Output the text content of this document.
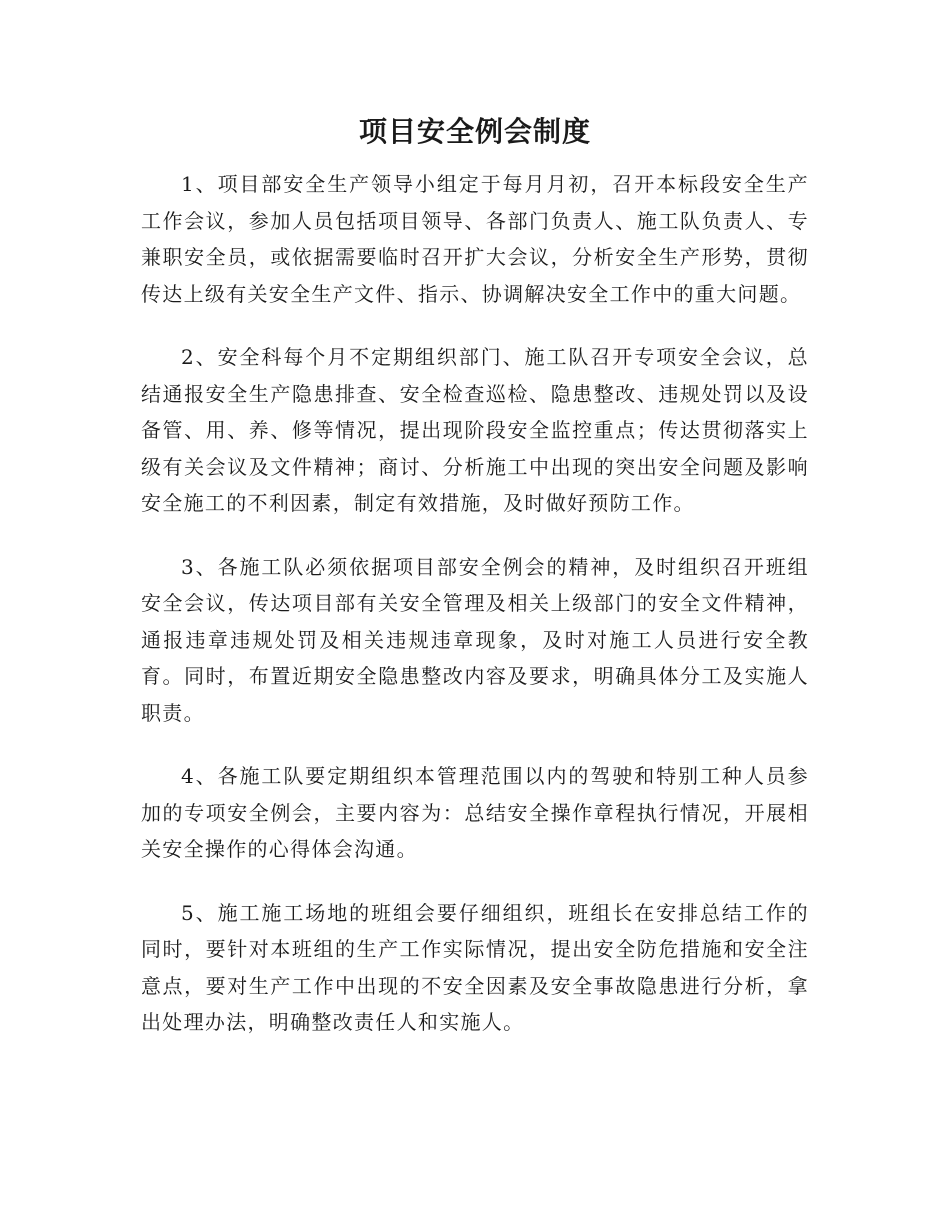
项目安全例会制度

1、项目部安全生产领导小组定于每月月初，召开本标段安全生产工作会议，参加人员包括项目领导、各部门负责人、施工队负责人、专兼职安全员，或依据需要临时召开扩大会议，分析安全生产形势，贯彻传达上级有关安全生产文件、指示、协调解决安全工作中的重大问题。

2、安全科每个月不定期组织部门、施工队召开专项安全会议，总结通报安全生产隐患排查、安全检查巡检、隐患整改、违规处罚以及设备管、用、养、修等情况，提出现阶段安全监控重点；传达贯彻落实上级有关会议及文件精神；商讨、分析施工中出现的突出安全问题及影响安全施工的不利因素，制定有效措施，及时做好预防工作。

3、各施工队必须依据项目部安全例会的精神，及时组织召开班组安全会议，传达项目部有关安全管理及相关上级部门的安全文件精神，通报违章违规处罚及相关违规违章现象，及时对施工人员进行安全教育。同时，布置近期安全隐患整改内容及要求，明确具体分工及实施人职责。

4、各施工队要定期组织本管理范围以内的驾驶和特别工种人员参加的专项安全例会，主要内容为：总结安全操作章程执行情况，开展相关安全操作的心得体会沟通。

5、施工施工场地的班组会要仔细组织，班组长在安排总结工作的同时，要针对本班组的生产工作实际情况，提出安全防危措施和安全注意点，要对生产工作中出现的不安全因素及安全事故隐患进行分析，拿出处理办法，明确整改责任人和实施人。
